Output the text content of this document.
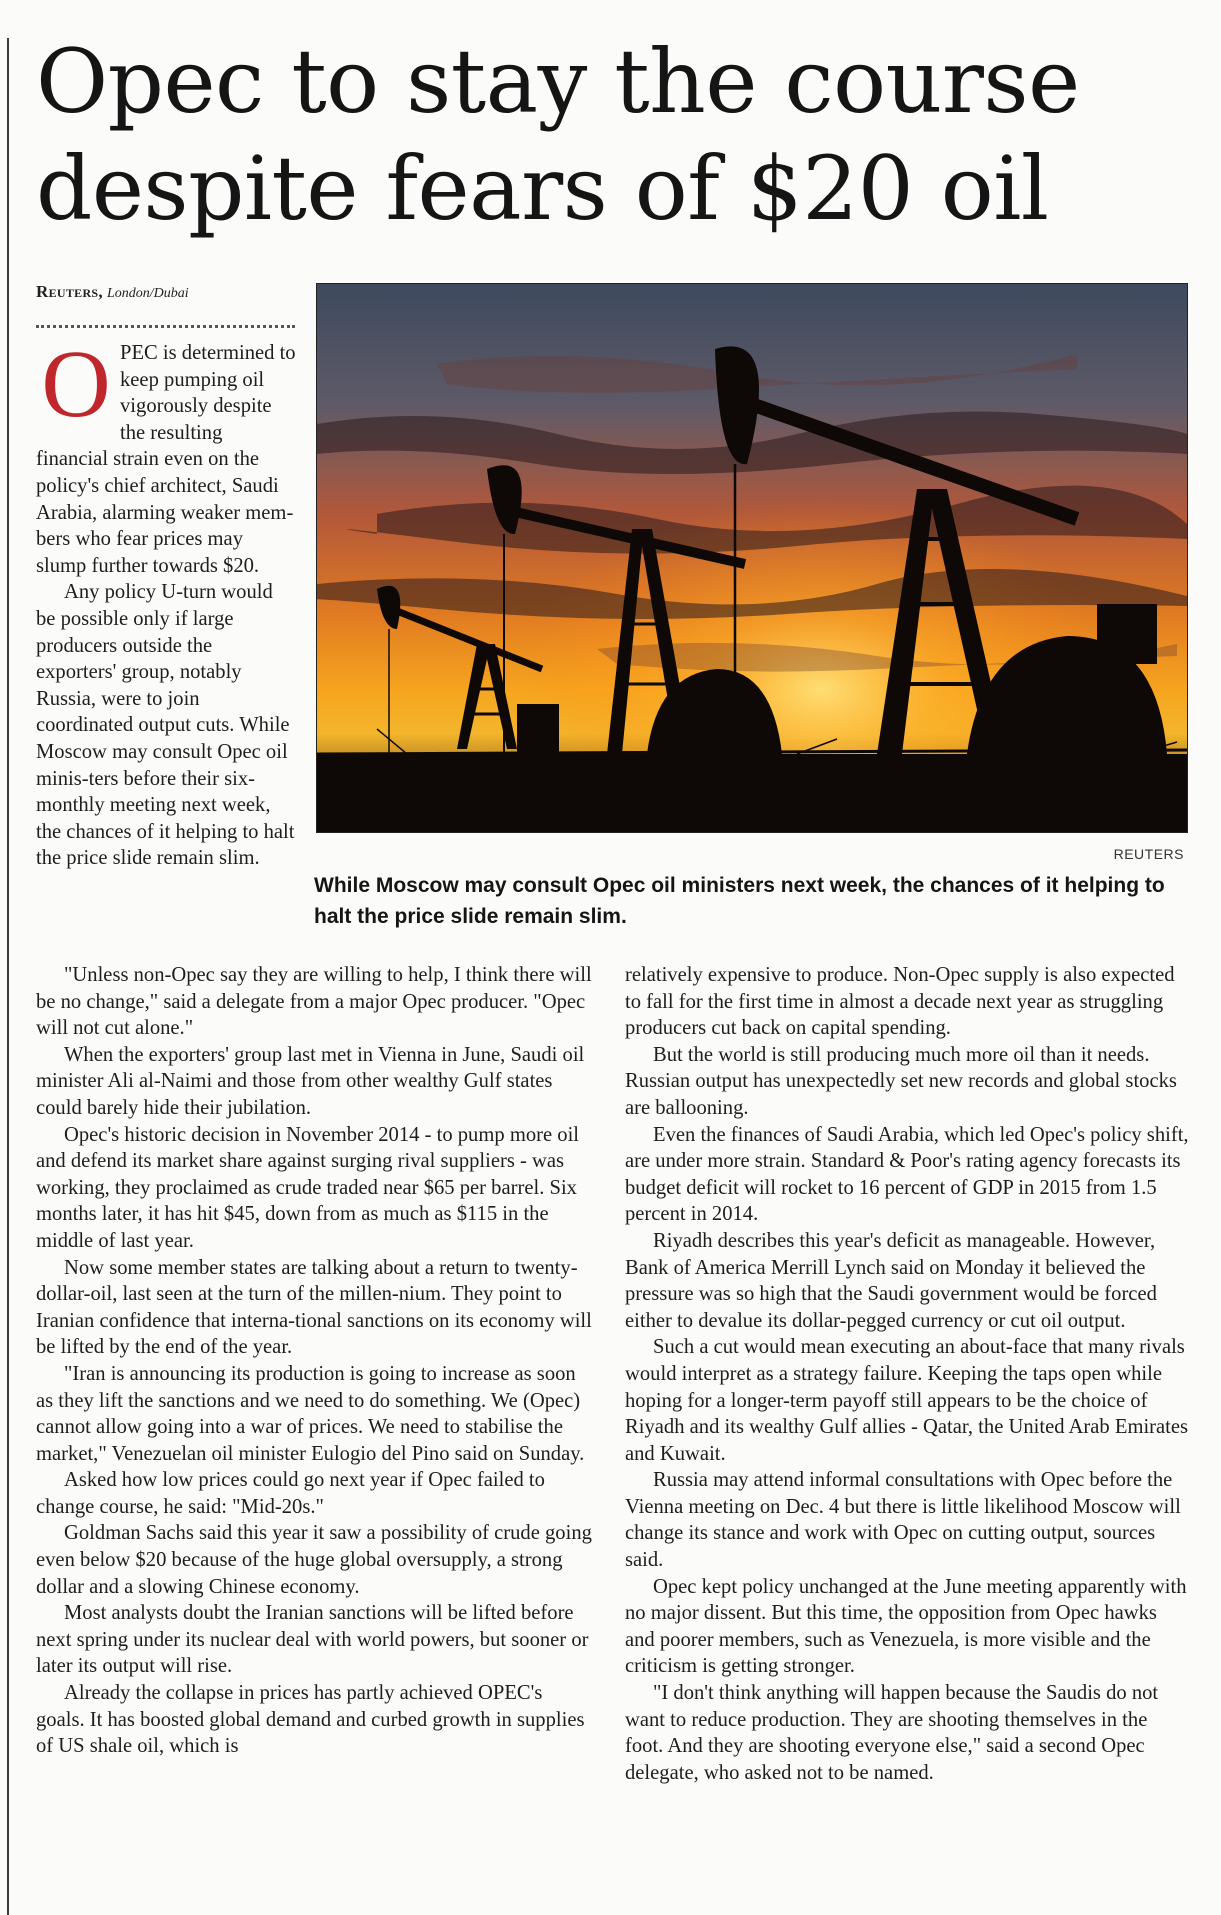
Opec to stay the course
despite fears of $20 oil
Reuters, London/Dubai
REUTERS

While Moscow may consult Opec oil ministers next week, the chances of it helping to halt the price slide remain slim.

O PEC is determined to keep pumping oil vigorously despite the resulting financial strain even on the policy's chief architect, Saudi Arabia, alarming weaker mem-bers who fear prices may slump further towards $20.

Any policy U-turn would be possible only if large producers outside the exporters' group, notably Russia, were to join coordinated output cuts. While Moscow may consult Opec oil minis-ters before their six-monthly meeting next week, the chances of it helping to halt the price slide remain slim.

"Unless non-Opec say they are willing to help, I think there will be no change," said a delegate from a major Opec producer. "Opec will not cut alone."

When the exporters' group last met in Vienna in June, Saudi oil minister Ali al-Naimi and those from other wealthy Gulf states could barely hide their jubilation.

Opec's historic decision in November 2014 - to pump more oil and defend its market share against surging rival suppliers - was working, they proclaimed as crude traded near $65 per barrel. Six months later, it has hit $45, down from as much as $115 in the middle of last year.

Now some member states are talking about a return to twenty-dollar-oil, last seen at the turn of the millen-nium. They point to Iranian confidence that interna-tional sanctions on its economy will be lifted by the end of the year.

"Iran is announcing its production is going to increase as soon as they lift the sanctions and we need to do something. We (Opec) cannot allow going into a war of prices. We need to stabilise the market," Venezuelan oil minister Eulogio del Pino said on Sunday.

Asked how low prices could go next year if Opec failed to change course, he said: "Mid-20s."

Goldman Sachs said this year it saw a possibility of crude going even below $20 because of the huge global oversupply, a strong dollar and a slowing Chinese economy.

Most analysts doubt the Iranian sanctions will be lifted before next spring under its nuclear deal with world powers, but sooner or later its output will rise.

Already the collapse in prices has partly achieved OPEC's goals. It has boosted global demand and curbed growth in supplies of US shale oil, which is

relatively expensive to produce. Non-Opec supply is also expected to fall for the first time in almost a decade next year as struggling producers cut back on capital spending.

But the world is still producing much more oil than it needs. Russian output has unexpectedly set new records and global stocks are ballooning.

Even the finances of Saudi Arabia, which led Opec's policy shift, are under more strain. Standard & Poor's rating agency forecasts its budget deficit will rocket to 16 percent of GDP in 2015 from 1.5 percent in 2014.

Riyadh describes this year's deficit as manageable. However, Bank of America Merrill Lynch said on Monday it believed the pressure was so high that the Saudi government would be forced either to devalue its dollar-pegged currency or cut oil output.

Such a cut would mean executing an about-face that many rivals would interpret as a strategy failure. Keeping the taps open while hoping for a longer-term payoff still appears to be the choice of Riyadh and its wealthy Gulf allies - Qatar, the United Arab Emirates and Kuwait.

Russia may attend informal consultations with Opec before the Vienna meeting on Dec. 4 but there is little likelihood Moscow will change its stance and work with Opec on cutting output, sources said.

Opec kept policy unchanged at the June meeting apparently with no major dissent. But this time, the opposition from Opec hawks and poorer members, such as Venezuela, is more visible and the criticism is getting stronger.

"I don't think anything will happen because the Saudis do not want to reduce production. They are shooting themselves in the foot. And they are shooting everyone else," said a second Opec delegate, who asked not to be named.
